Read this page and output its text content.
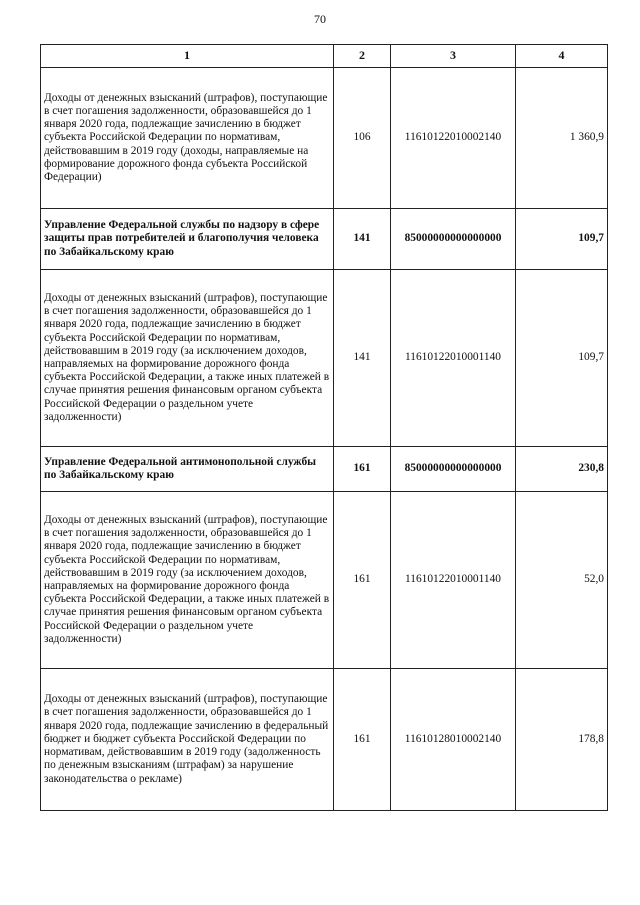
70
1	2	3	4
Доходы от денежных взысканий (штрафов), поступающие в счет погашения задолженности, образовавшейся до 1 января 2020 года, подлежащие зачислению в бюджет субъекта Российской Федерации по нормативам, действовавшим в 2019 году (доходы, направляемые на формирование дорожного фонда субъекта Российской Федерации)	106	11610122010002140	1 360,9
Управление Федеральной службы по надзору в сфере защиты прав потребителей и благополучия человека по Забайкальскому краю	141	85000000000000000	109,7
Доходы от денежных взысканий (штрафов), поступающие в счет погашения задолженности, образовавшейся до 1 января 2020 года, подлежащие зачислению в бюджет субъекта Российской Федерации по нормативам, действовавшим в 2019 году (за исключением доходов, направляемых на формирование дорожного фонда субъекта Российской Федерации, а также иных платежей в случае принятия решения финансовым органом субъекта Российской Федерации о раздельном учете задолженности)	141	11610122010001140	109,7
Управление Федеральной антимонопольной службы по Забайкальскому краю	161	85000000000000000	230,8
Доходы от денежных взысканий (штрафов), поступающие в счет погашения задолженности, образовавшейся до 1 января 2020 года, подлежащие зачислению в бюджет субъекта Российской Федерации по нормативам, действовавшим в 2019 году (за исключением доходов, направляемых на формирование дорожного фонда субъекта Российской Федерации, а также иных платежей в случае принятия решения финансовым органом субъекта Российской Федерации о раздельном учете задолженности)	161	11610122010001140	52,0
Доходы от денежных взысканий (штрафов), поступающие в счет погашения задолженности, образовавшейся до 1 января 2020 года, подлежащие зачислению в федеральный бюджет и бюджет субъекта Российской Федерации по нормативам, действовавшим в 2019 году (задолженность по денежным взысканиям (штрафам) за нарушение законодательства о рекламе)	161	11610128010002140	178,8
